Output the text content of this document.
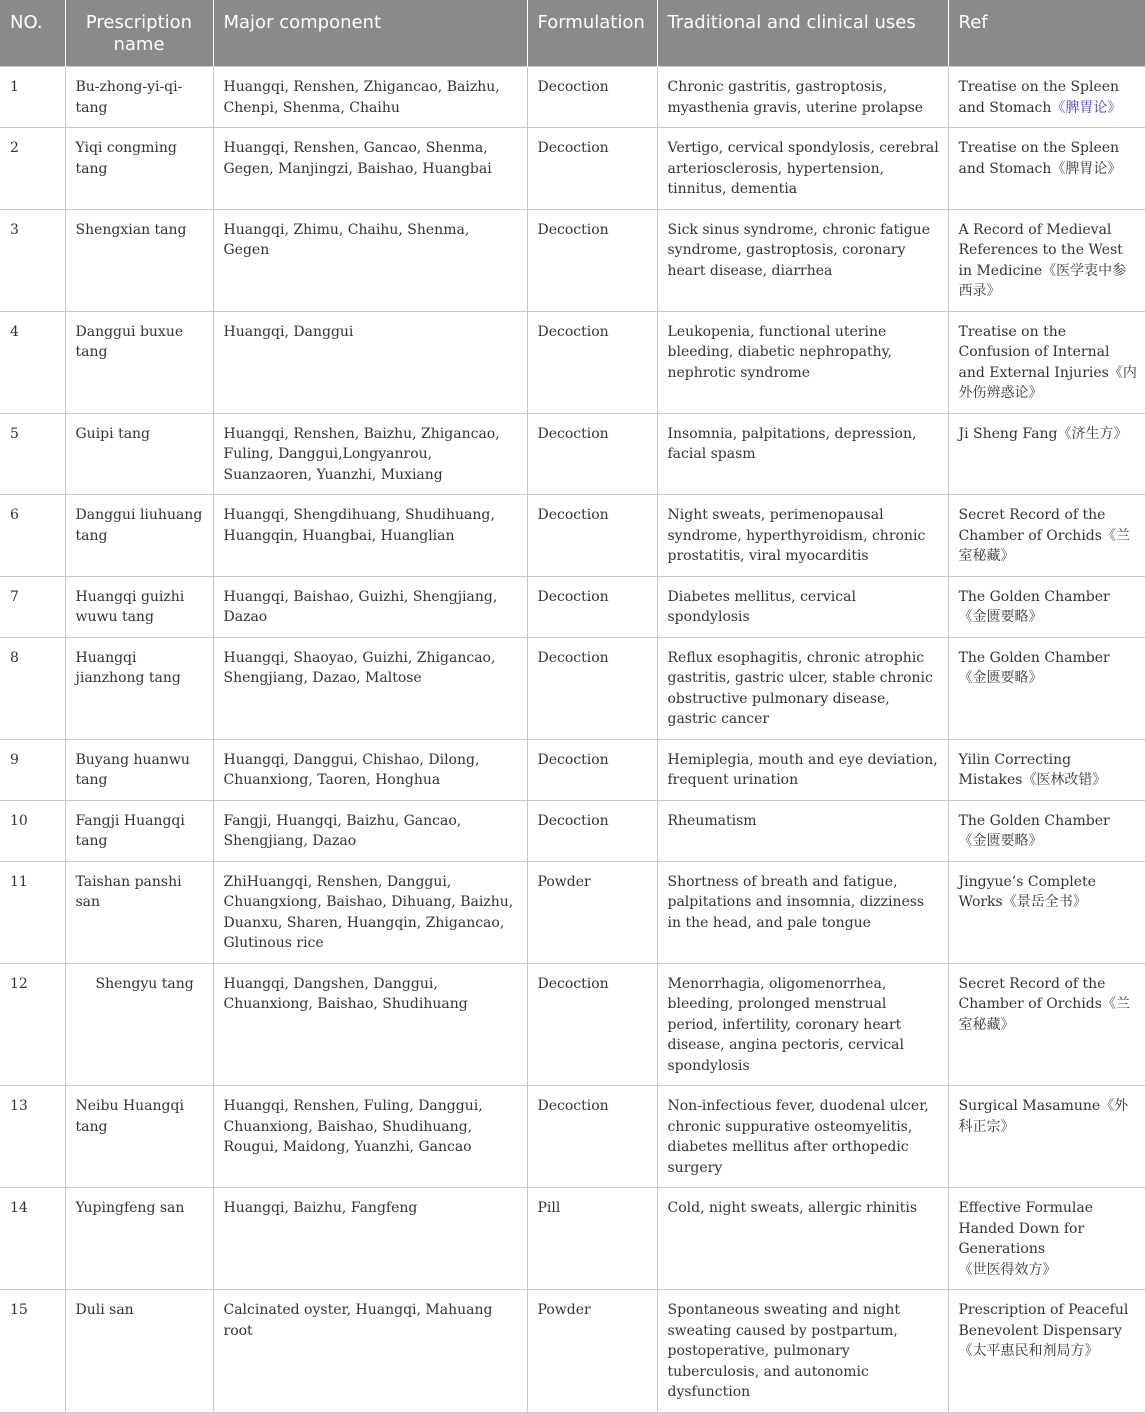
NO.	Prescription name	Major component	Formulation	Traditional and clinical uses	Ref
1	Bu-zhong-yi-qi-tang	Huangqi, Renshen, Zhigancao, Baizhu, Chenpi, Shenma, Chaihu	Decoction	Chronic gastritis, gastroptosis, myasthenia gravis, uterine prolapse	Treatise on the Spleen and Stomach《脾胃论》
2	Yiqi congming tang	Huangqi, Renshen, Gancao, Shenma, Gegen, Manjingzi, Baishao, Huangbai	Decoction	Vertigo, cervical spondylosis, cerebral arteriosclerosis, hypertension, tinnitus, dementia	Treatise on the Spleen and Stomach《脾胃论》
3	Shengxian tang	Huangqi, Zhimu, Chaihu, Shenma, Gegen	Decoction	Sick sinus syndrome, chronic fatigue syndrome, gastroptosis, coronary heart disease, diarrhea	A Record of Medieval References to the West in Medicine《医学衷中参西录》
4	Danggui buxue tang	Huangqi, Danggui	Decoction	Leukopenia, functional uterine bleeding, diabetic nephropathy, nephrotic syndrome	Treatise on the Confusion of Internal and External Injuries《内外伤辨惑论》
5	Guipi tang	Huangqi, Renshen, Baizhu, Zhigancao, Fuling, Danggui,Longyanrou, Suanzaoren, Yuanzhi, Muxiang	Decoction	Insomnia, palpitations, depression, facial spasm	Ji Sheng Fang《济生方》
6	Danggui liuhuang tang	Huangqi, Shengdihuang, Shudihuang, Huangqin, Huangbai, Huanglian	Decoction	Night sweats, perimenopausal syndrome, hyperthyroidism, chronic prostatitis, viral myocarditis	Secret Record of the Chamber of Orchids《兰室秘藏》
7	Huangqi guizhi wuwu tang	Huangqi, Baishao, Guizhi, Shengjiang, Dazao	Decoction	Diabetes mellitus, cervical spondylosis	The Golden Chamber《金匮要略》
8	Huangqi jianzhong tang	Huangqi, Shaoyao, Guizhi, Zhigancao, Shengjiang, Dazao, Maltose	Decoction	Reflux esophagitis, chronic atrophic gastritis, gastric ulcer, stable chronic obstructive pulmonary disease, gastric cancer	The Golden Chamber《金匮要略》
9	Buyang huanwu tang	Huangqi, Danggui, Chishao, Dilong, Chuanxiong, Taoren, Honghua	Decoction	Hemiplegia, mouth and eye deviation, frequent urination	Yilin Correcting Mistakes《医林改错》
10	Fangji Huangqi tang	Fangji, Huangqi, Baizhu, Gancao, Shengjiang, Dazao	Decoction	Rheumatism	The Golden Chamber《金匮要略》
11	Taishan panshi san	ZhiHuangqi, Renshen, Danggui, Chuangxiong, Baishao, Dihuang, Baizhu, Duanxu, Sharen, Huangqin, Zhigancao, Glutinous rice	Powder	Shortness of breath and fatigue, palpitations and insomnia, dizziness in the head, and pale tongue	Jingyue’s Complete Works《景岳全书》
12	Shengyu tang	Huangqi, Dangshen, Danggui, Chuanxiong, Baishao, Shudihuang	Decoction	Menorrhagia, oligomenorrhea, bleeding, prolonged menstrual period, infertility, coronary heart disease, angina pectoris, cervical spondylosis	Secret Record of the Chamber of Orchids《兰室秘藏》
13	Neibu Huangqi tang	Huangqi, Renshen, Fuling, Danggui, Chuanxiong, Baishao, Shudihuang, Rougui, Maidong, Yuanzhi, Gancao	Decoction	Non-infectious fever, duodenal ulcer, chronic suppurative osteomyelitis, diabetes mellitus after orthopedic surgery	Surgical Masamune《外科正宗》
14	Yupingfeng san	Huangqi, Baizhu, Fangfeng	Pill	Cold, night sweats, allergic rhinitis	Effective Formulae Handed Down for Generations《世医得效方》
15	Duli san	Calcinated oyster, Huangqi, Mahuang root	Powder	Spontaneous sweating and night sweating caused by postpartum, postoperative, pulmonary tuberculosis, and autonomic dysfunction	Prescription of Peaceful Benevolent Dispensary《太平惠民和剂局方》
